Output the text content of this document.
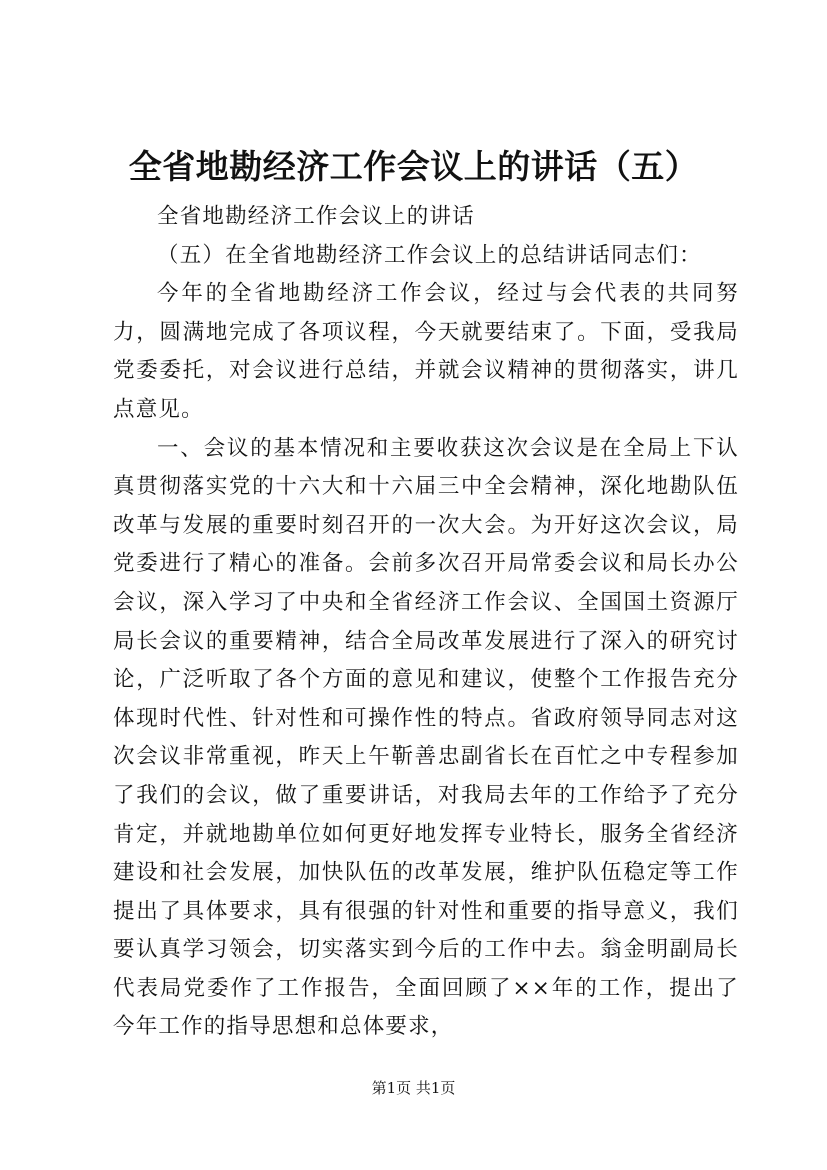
全省地勘经济工作会议上的讲话（五）

全省地勘经济工作会议上的讲话

（五）在全省地勘经济工作会议上的总结讲话同志们：

今年的全省地勘经济工作会议，经过与会代表的共同努力，圆满地完成了各项议程，今天就要结束了。下面，受我局党委委托，对会议进行总结，并就会议精神的贯彻落实，讲几点意见。

一、会议的基本情况和主要收获这次会议是在全局上下认真贯彻落实党的十六大和十六届三中全会精神，深化地勘队伍改革与发展的重要时刻召开的一次大会。为开好这次会议，局党委进行了精心的准备。会前多次召开局常委会议和局长办公会议，深入学习了中央和全省经济工作会议、全国国土资源厅局长会议的重要精神，结合全局改革发展进行了深入的研究讨论，广泛听取了各个方面的意见和建议，使整个工作报告充分体现时代性、针对性和可操作性的特点。省政府领导同志对这次会议非常重视，昨天上午靳善忠副省长在百忙之中专程参加了我们的会议，做了重要讲话，对我局去年的工作给予了充分肯定，并就地勘单位如何更好地发挥专业特长，服务全省经济建设和社会发展，加快队伍的改革发展，维护队伍稳定等工作提出了具体要求，具有很强的针对性和重要的指导意义，我们要认真学习领会，切实落实到今后的工作中去。翁金明副局长代表局党委作了工作报告，全面回顾了××年的工作，提出了今年工作的指导思想和总体要求，

第1页 共1页
